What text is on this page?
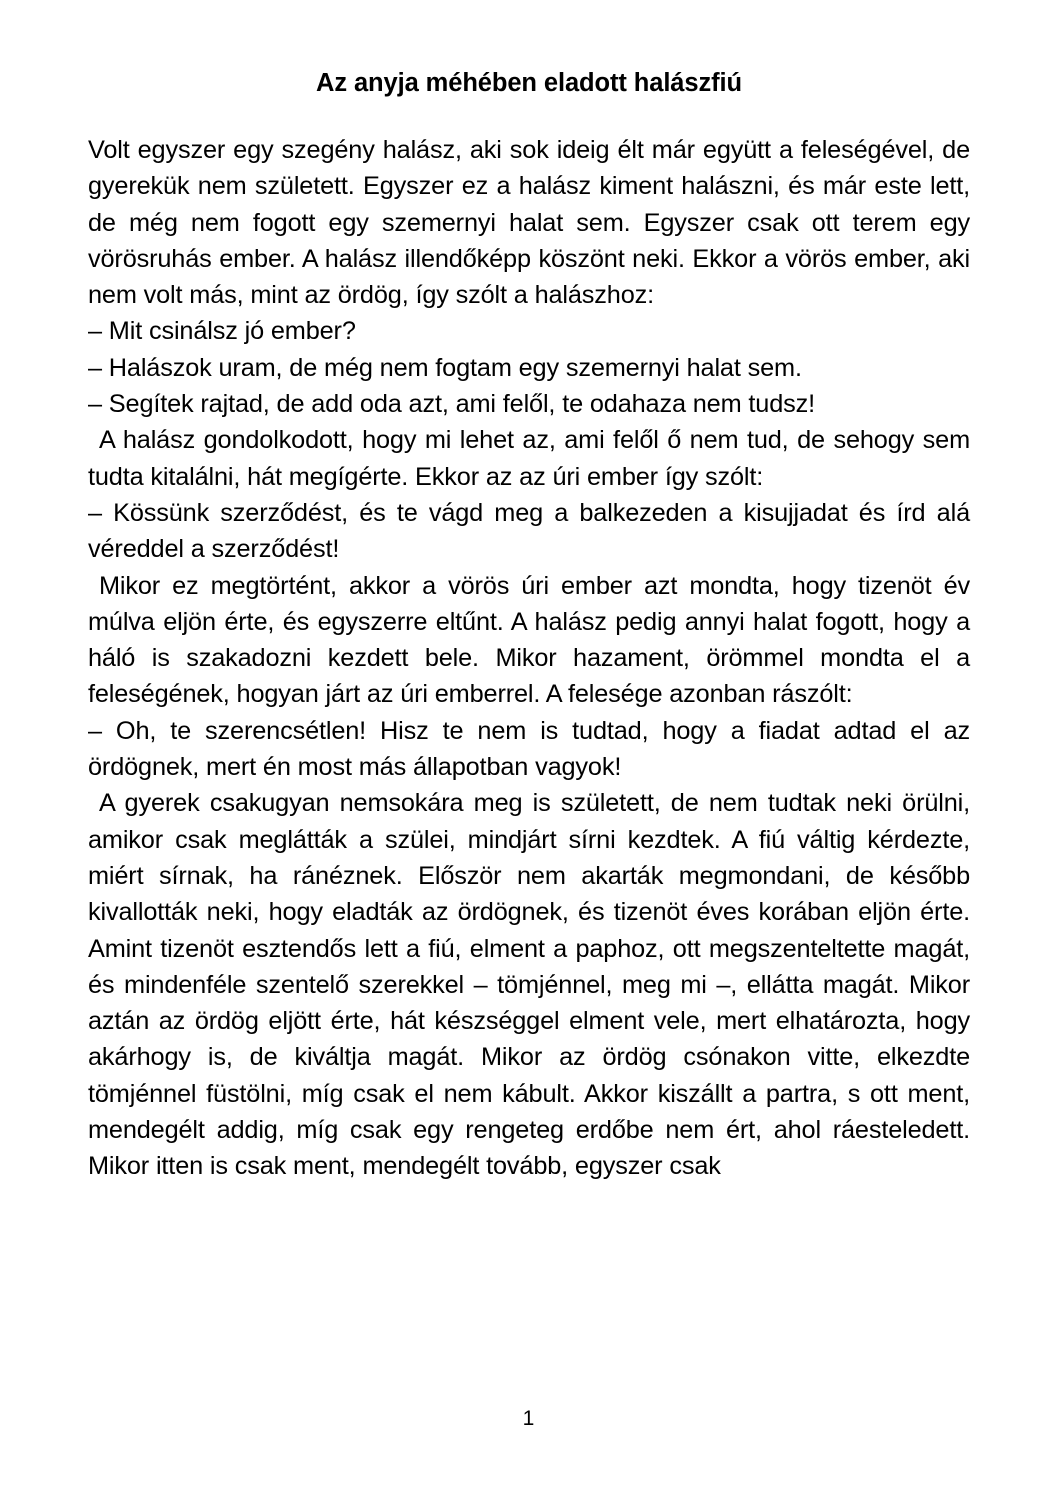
Az anyja méhében eladott halászfiú

Volt egyszer egy szegény halász, aki sok ideig élt már együtt a feleségével, de gyerekük nem született. Egyszer ez a halász kiment halászni, és már este lett, de még nem fogott egy szemernyi halat sem. Egyszer csak ott terem egy vörösruhás ember. A halász illendőképp köszönt neki. Ekkor a vörös ember, aki nem volt más, mint az ördög, így szólt a halászhoz:

– Mit csinálsz jó ember?

– Halászok uram, de még nem fogtam egy szemernyi halat sem.

– Segítek rajtad, de add oda azt, ami felől, te odahaza nem tudsz!

A halász gondolkodott, hogy mi lehet az, ami felől ő nem tud, de sehogy sem tudta kitalálni, hát megígérte. Ekkor az az úri ember így szólt:

– Kössünk szerződést, és te vágd meg a balkezeden a kisujjadat és írd alá véreddel a szerződést!

Mikor ez megtörtént, akkor a vörös úri ember azt mondta, hogy tizenöt év múlva eljön érte, és egyszerre eltűnt. A halász pedig annyi halat fogott, hogy a háló is szakadozni kezdett bele. Mikor hazament, örömmel mondta el a feleségének, hogyan járt az úri emberrel. A felesége azonban rászólt:

– Oh, te szerencsétlen! Hisz te nem is tudtad, hogy a fiadat adtad el az ördögnek, mert én most más állapotban vagyok!

A gyerek csakugyan nemsokára meg is született, de nem tudtak neki örülni, amikor csak meglátták a szülei, mindjárt sírni kezdtek. A fiú váltig kérdezte, miért sírnak, ha ránéznek. Először nem akarták megmondani, de később kivallották neki, hogy eladták az ördögnek, és tizenöt éves korában eljön érte. Amint tizenöt esztendős lett a fiú, elment a paphoz, ott megszenteltette magát, és mindenféle szentelő szerekkel – tömjénnel, meg mi –, ellátta magát. Mikor aztán az ördög eljött érte, hát készséggel elment vele, mert elhatározta, hogy akárhogy is, de kiváltja magát. Mikor az ördög csónakon vitte, elkezdte tömjénnel füstölni, míg csak el nem kábult. Akkor kiszállt a partra, s ott ment, mendegélt addig, míg csak egy rengeteg erdőbe nem ért, ahol ráesteledett. Mikor itten is csak ment, mendegélt tovább, egyszer csak

1
